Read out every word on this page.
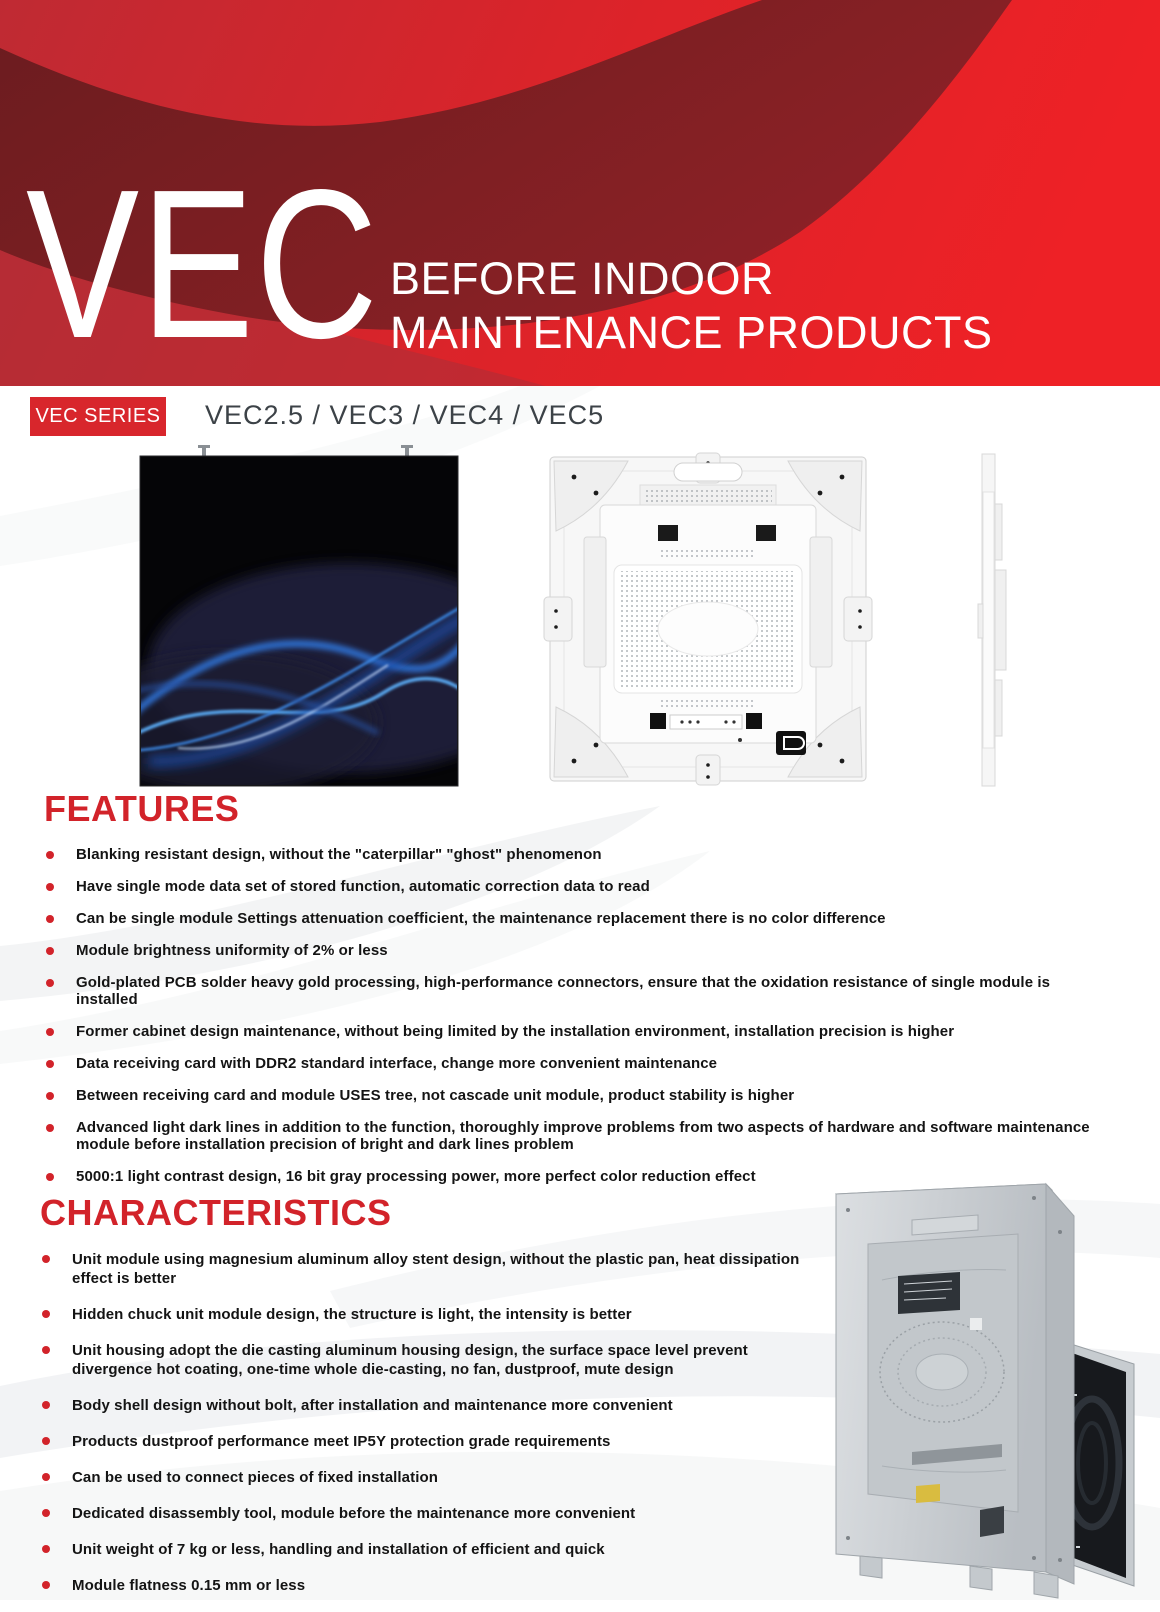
VEC BEFORE INDOOR
MAINTENANCE PRODUCTS
VEC SERIES VEC2.5 / VEC3 / VEC4 / VEC5
FEATURES
Blanking resistant design, without the "caterpillar" "ghost" phenomenon
Have single mode data set of stored function, automatic correction data to read
Can be single module Settings attenuation coefficient, the maintenance replacement there is no color difference
Module brightness uniformity of 2% or less
Gold-plated PCB solder heavy gold processing, high-performance connectors, ensure that the oxidation resistance of single module is installed
Former cabinet design maintenance, without being limited by the installation environment, installation precision is higher
Data receiving card with DDR2 standard interface, change more convenient maintenance
Between receiving card and module USES tree, not cascade unit module, product stability is higher
Advanced light dark lines in addition to the function, thoroughly improve problems from two aspects of hardware and software maintenance module before installation precision of bright and dark lines problem
5000:1 light contrast design, 16 bit gray processing power, more perfect color reduction effect
CHARACTERISTICS
Unit module using magnesium aluminum alloy stent design, without the plastic pan, heat dissipation effect is better
Hidden chuck unit module design, the structure is light, the intensity is better
Unit housing adopt the die casting aluminum housing design, the surface space level prevent divergence hot coating, one-time whole die-casting, no fan, dustproof, mute design
Body shell design without bolt, after installation and maintenance more convenient
Products dustproof performance meet IP5Y protection grade requirements
Can be used to connect pieces of fixed installation
Dedicated disassembly tool, module before the maintenance more convenient
Unit weight of 7 kg or less, handling and installation of efficient and quick
Module flatness 0.15 mm or less
